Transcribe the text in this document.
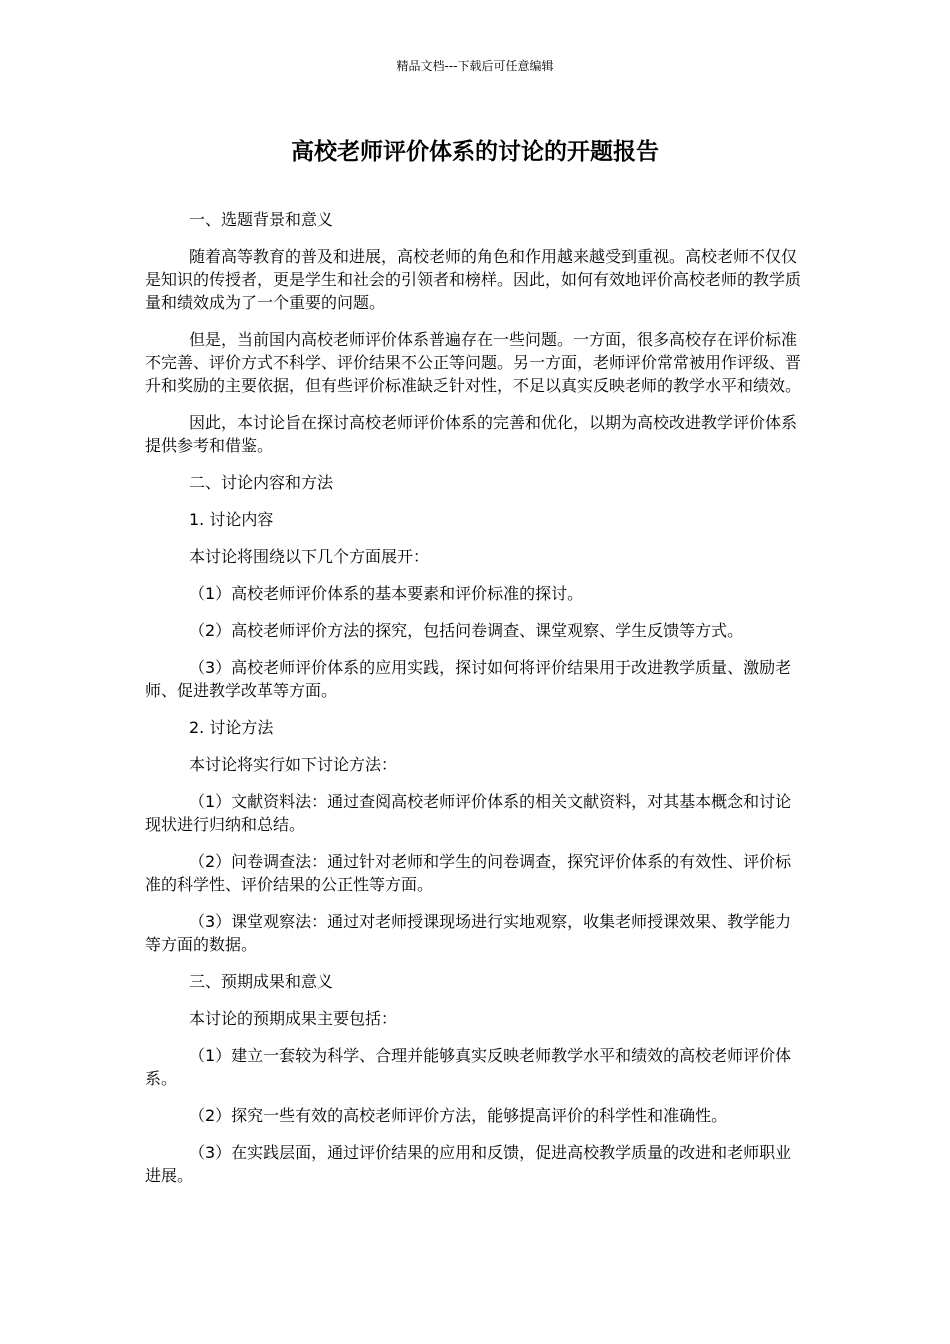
精品文档---下载后可任意编辑
高校老师评价体系的讨论的开题报告

一、选题背景和意义

随着高等教育的普及和进展，高校老师的角色和作用越来越受到重视。高校老师不仅仅是知识的传授者，更是学生和社会的引领者和榜样。因此，如何有效地评价高校老师的教学质量和绩效成为了一个重要的问题。

但是，当前国内高校老师评价体系普遍存在一些问题。一方面，很多高校存在评价标准不完善、评价方式不科学、评价结果不公正等问题。另一方面，老师评价常常被用作评级、晋升和奖励的主要依据，但有些评价标准缺乏针对性，不足以真实反映老师的教学水平和绩效。

因此，本讨论旨在探讨高校老师评价体系的完善和优化，以期为高校改进教学评价体系提供参考和借鉴。

二、讨论内容和方法

1. 讨论内容

本讨论将围绕以下几个方面展开：

（1）高校老师评价体系的基本要素和评价标准的探讨。

（2）高校老师评价方法的探究，包括问卷调查、课堂观察、学生反馈等方式。

（3）高校老师评价体系的应用实践，探讨如何将评价结果用于改进教学质量、激励老师、促进教学改革等方面。

2. 讨论方法

本讨论将实行如下讨论方法：

（1）文献资料法：通过查阅高校老师评价体系的相关文献资料，对其基本概念和讨论现状进行归纳和总结。

（2）问卷调查法：通过针对老师和学生的问卷调查，探究评价体系的有效性、评价标准的科学性、评价结果的公正性等方面。

（3）课堂观察法：通过对老师授课现场进行实地观察，收集老师授课效果、教学能力等方面的数据。

三、预期成果和意义

本讨论的预期成果主要包括：

（1）建立一套较为科学、合理并能够真实反映老师教学水平和绩效的高校老师评价体系。

（2）探究一些有效的高校老师评价方法，能够提高评价的科学性和准确性。

（3）在实践层面，通过评价结果的应用和反馈，促进高校教学质量的改进和老师职业进展。
